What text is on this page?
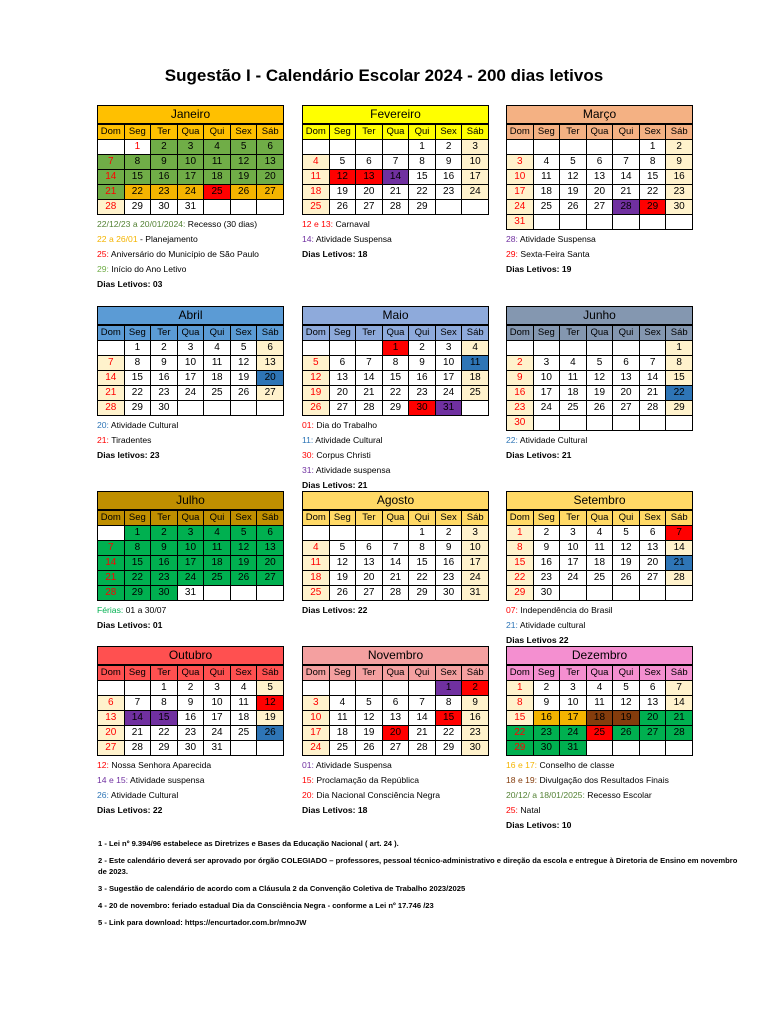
Sugestão I - Calendário Escolar 2024 - 200 dias letivos
Janeiro
Dom	Seg	Ter	Qua	Qui	Sex	Sáb
	1	2	3	4	5	6
7	8	9	10	11	12	13
14	15	16	17	18	19	20
21	22	23	24	25	26	27
28	29	30	31			
22/12/23 a 20/01/2024: Recesso (30 dias)
22 a 26/01 - Planejamento
25: Aniversário do Município de São Paulo
29: Início do Ano Letivo
Dias Letivos: 03
Fevereiro
Dom	Seg	Ter	Qua	Qui	Sex	Sáb
				1	2	3
4	5	6	7	8	9	10
11	12	13	14	15	16	17
18	19	20	21	22	23	24
25	26	27	28	29		
12 e 13: Carnaval
14: Atividade Suspensa
Dias Letivos: 18
Março
Dom	Seg	Ter	Qua	Qui	Sex	Sáb
					1	2
3	4	5	6	7	8	9
10	11	12	13	14	15	16
17	18	19	20	21	22	23
24	25	26	27	28	29	30
31						
28: Atividade Suspensa
29: Sexta-Feira Santa
Dias Letivos: 19
Abril
Dom	Seg	Ter	Qua	Qui	Sex	Sáb
	1	2	3	4	5	6
7	8	9	10	11	12	13
14	15	16	17	18	19	20
21	22	23	24	25	26	27
28	29	30				
20: Atividade Cultural
21: Tiradentes
Dias letivos: 23
Maio
Dom	Seg	Ter	Qua	Qui	Sex	Sáb
			1	2	3	4
5	6	7	8	9	10	11
12	13	14	15	16	17	18
19	20	21	22	23	24	25
26	27	28	29	30	31	
01: Dia do Trabalho
11: Atividade Cultural
30: Corpus Christi
31: Atividade suspensa
Dias Letivos: 21
Junho
Dom	Seg	Ter	Qua	Qui	Sex	Sáb
						1
2	3	4	5	6	7	8
9	10	11	12	13	14	15
16	17	18	19	20	21	22
23	24	25	26	27	28	29
30						
22: Atividade Cultural
Dias Letivos: 21
Julho
Dom	Seg	Ter	Qua	Qui	Sex	Sáb
	1	2	3	4	5	6
7	8	9	10	11	12	13
14	15	16	17	18	19	20
21	22	23	24	25	26	27
28	29	30	31			
Férias: 01 a 30/07
Dias Letivos: 01
Agosto
Dom	Seg	Ter	Qua	Qui	Sex	Sáb
				1	2	3
4	5	6	7	8	9	10
11	12	13	14	15	16	17
18	19	20	21	22	23	24
25	26	27	28	29	30	31
Dias Letivos: 22
Setembro
Dom	Seg	Ter	Qua	Qui	Sex	Sáb
1	2	3	4	5	6	7
8	9	10	11	12	13	14
15	16	17	18	19	20	21
22	23	24	25	26	27	28
29	30					
07: Independência do Brasil
21: Atividade cultural
Dias Letivos 22
Outubro
Dom	Seg	Ter	Qua	Qui	Sex	Sáb
		1	2	3	4	5
6	7	8	9	10	11	12
13	14	15	16	17	18	19
20	21	22	23	24	25	26
27	28	29	30	31		
12: Nossa Senhora Aparecida
14 e 15: Atividade suspensa
26: Atividade Cultural
Dias Letivos: 22
Novembro
Dom	Seg	Ter	Qua	Qui	Sex	Sáb
					1	2
3	4	5	6	7	8	9
10	11	12	13	14	15	16
17	18	19	20	21	22	23
24	25	26	27	28	29	30
01: Atividade Suspensa
15: Proclamação da República
20: Dia Nacional Consciência Negra
Dias Letivos: 18
Dezembro
Dom	Seg	Ter	Qua	Qui	Sex	Sáb
1	2	3	4	5	6	7
8	9	10	11	12	13	14
15	16	17	18	19	20	21
22	23	24	25	26	27	28
29	30	31				
16 e 17: Conselho de classe
18 e 19: Divulgação dos Resultados Finais
20/12/ a 18/01/2025: Recesso Escolar
25: Natal
Dias Letivos: 10
1 - Lei nº 9.394/96 estabelece as Diretrizes e Bases da Educação Nacional ( art. 24 ).
2 - Este calendário deverá ser aprovado por órgão COLEGIADO – professores, pessoal técnico-administrativo e direção da escola e entregue à Diretoria de Ensino em novembro de 2023.
3 - Sugestão de calendário de acordo com a Cláusula 2 da Convenção Coletiva de Trabalho 2023/2025
4 - 20 de novembro: feriado estadual Dia da Consciência Negra - conforme a Lei nº 17.746 /23
5 - Link para download: https://encurtador.com.br/mnoJW
